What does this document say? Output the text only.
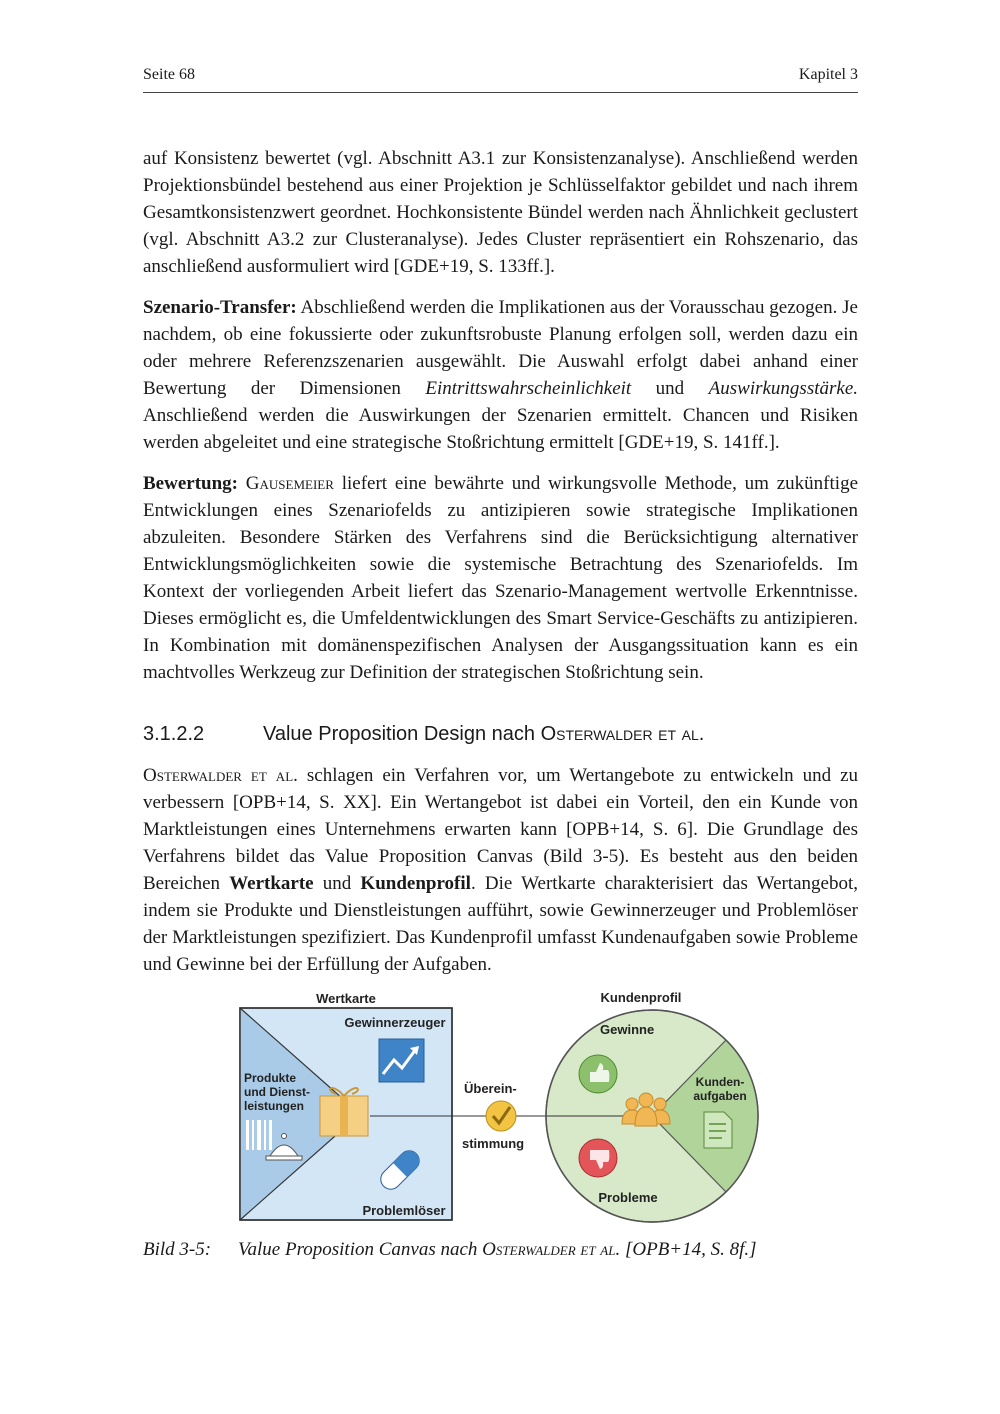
Seite 68	Kapitel 3

auf Konsistenz bewertet (vgl. Abschnitt A3.1 zur Konsistenzanalyse). Anschließend werden Projektionsbündel bestehend aus einer Projektion je Schlüsselfaktor gebildet und nach ihrem Gesamtkonsistenzwert geordnet. Hochkonsistente Bündel werden nach Ähnlichkeit geclustert (vgl. Abschnitt A3.2 zur Clusteranalyse). Jedes Cluster repräsentiert ein Rohszenario, das anschließend ausformuliert wird [GDE+19, S. 133ff.].

Szenario-Transfer: Abschließend werden die Implikationen aus der Vorausschau gezogen. Je nachdem, ob eine fokussierte oder zukunftsrobuste Planung erfolgen soll, werden dazu ein oder mehrere Referenzszenarien ausgewählt. Die Auswahl erfolgt dabei anhand einer Bewertung der Dimensionen Eintrittswahrscheinlichkeit und Auswirkungsstärke. Anschließend werden die Auswirkungen der Szenarien ermittelt. Chancen und Risiken werden abgeleitet und eine strategische Stoßrichtung ermittelt [GDE+19, S. 141ff.].

Bewertung: Gausemeier liefert eine bewährte und wirkungsvolle Methode, um zukünftige Entwicklungen eines Szenariofelds zu antizipieren sowie strategische Implikationen abzuleiten. Besondere Stärken des Verfahrens sind die Berücksichtigung alternativer Entwicklungsmöglichkeiten sowie die systemische Betrachtung des Szenariofelds. Im Kontext der vorliegenden Arbeit liefert das Szenario-Management wertvolle Erkenntnisse. Dieses ermöglicht es, die Umfeldentwicklungen des Smart Service-Geschäfts zu antizipieren. In Kombination mit domänenspezifischen Analysen der Ausgangssituation kann es ein machtvolles Werkzeug zur Definition der strategischen Stoßrichtung sein.

3.1.2.2	Value Proposition Design nach Osterwalder et al.

Osterwalder et al. schlagen ein Verfahren vor, um Wertangebote zu entwickeln und zu verbessern [OPB+14, S. XX]. Ein Wertangebot ist dabei ein Vorteil, den ein Kunde von Marktleistungen eines Unternehmens erwarten kann [OPB+14, S. 6]. Die Grundlage des Verfahrens bildet das Value Proposition Canvas (Bild 3-5). Es besteht aus den beiden Bereichen Wertkarte und Kundenprofil. Die Wertkarte charakterisiert das Wertangebot, indem sie Produkte und Dienstleistungen aufführt, sowie Gewinnerzeuger und Problemlöser der Marktleistungen spezifiziert. Das Kundenprofil umfasst Kundenaufgaben sowie Probleme und Gewinne bei der Erfüllung der Aufgaben.

Wertkarte
Gewinnerzeuger
Produkte
und Dienst-
leistungen
Problemlöser
Überein-
stimmung
Kundenprofil
Gewinne
Probleme
Kunden-
aufgaben
Bild 3-5: Value Proposition Canvas nach Osterwalder et al. [OPB+14, S. 8f.]
